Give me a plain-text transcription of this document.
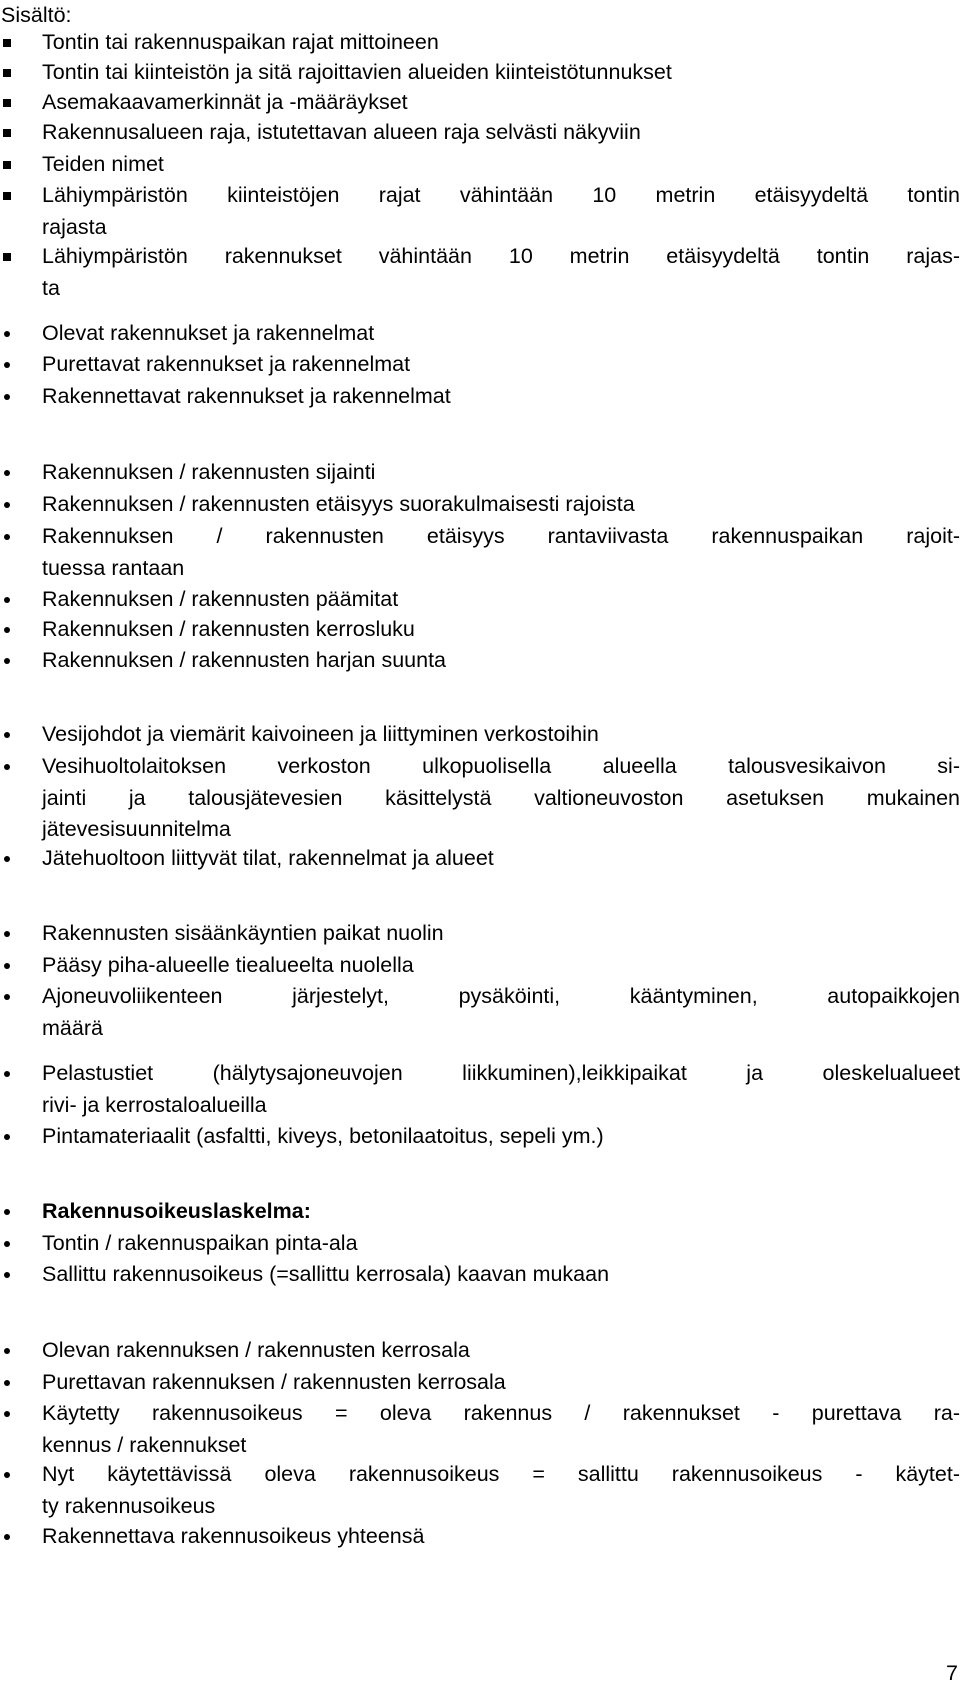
Sisältö:
Tontin tai rakennuspaikan rajat mittoineen
Tontin tai kiinteistön ja sitä rajoittavien alueiden kiinteistötunnukset
Asemakaavamerkinnät ja -määräykset
Rakennusalueen raja, istutettavan alueen raja selvästi näkyviin
Teiden nimet
Lähiympäristön kiinteistöjen rajat vähintään 10 metrin etäisyydeltä tontin
rajasta
Lähiympäristön rakennukset vähintään 10 metrin etäisyydeltä tontin rajas-
ta
Olevat rakennukset ja rakennelmat
Purettavat rakennukset ja rakennelmat
Rakennettavat rakennukset ja rakennelmat
Rakennuksen / rakennusten sijainti
Rakennuksen / rakennusten etäisyys suorakulmaisesti rajoista
Rakennuksen / rakennusten etäisyys rantaviivasta rakennuspaikan rajoit-
tuessa rantaan
Rakennuksen / rakennusten päämitat
Rakennuksen / rakennusten kerrosluku
Rakennuksen / rakennusten harjan suunta
Vesijohdot ja viemärit kaivoineen ja liittyminen verkostoihin
Vesihuoltolaitoksen verkoston ulkopuolisella alueella talousvesikaivon si-
jainti ja talousjätevesien käsittelystä valtioneuvoston asetuksen mukainen
jätevesisuunnitelma
Jätehuoltoon liittyvät tilat, rakennelmat ja alueet
Rakennusten sisäänkäyntien paikat nuolin
Pääsy piha-alueelle tiealueelta nuolella
Ajoneuvoliikenteen järjestelyt, pysäköinti, kääntyminen, autopaikkojen
määrä
Pelastustiet (hälytysajoneuvojen liikkuminen),leikkipaikat ja oleskelualueet
rivi- ja kerrostaloalueilla
Pintamateriaalit (asfaltti, kiveys, betonilaatoitus, sepeli ym.)
Rakennusoikeuslaskelma:
Tontin / rakennuspaikan pinta-ala
Sallittu rakennusoikeus (=sallittu kerrosala) kaavan mukaan
Olevan rakennuksen / rakennusten kerrosala
Purettavan rakennuksen / rakennusten kerrosala
Käytetty rakennusoikeus = oleva rakennus / rakennukset - purettava ra-
kennus / rakennukset
Nyt käytettävissä oleva rakennusoikeus = sallittu rakennusoikeus - käytet-
ty rakennusoikeus
Rakennettava rakennusoikeus yhteensä
7
